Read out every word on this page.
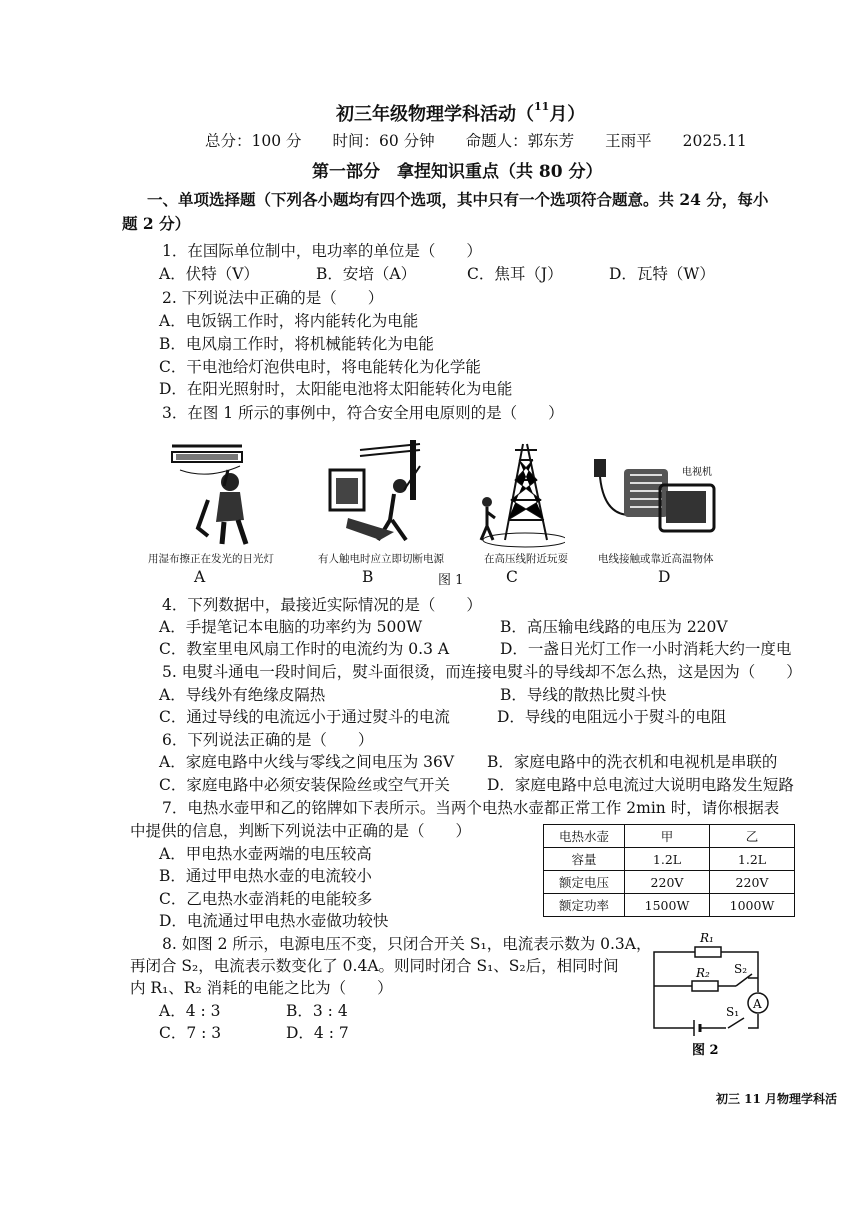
初三年级物理学科活动（$^{11}$月）
总分：100 分　　时间：60 分钟　　命题人：郭东芳　　王雨平　　2025.11
第一部分　拿捏知识重点（共 80 分）
一、单项选择题（下列各小题均有四个选项，其中只有一个选项符合题意。共 24 分，每小
题 2 分）
1．在国际单位制中，电功率的单位是（　　）
A．伏特（V）	B．安培（A）	C．焦耳（J）	D．瓦特（W）
2. 下列说法中正确的是（　　）
A．电饭锅工作时，将内能转化为电能
B．电风扇工作时，将机械能转化为电能
C．干电池给灯泡供电时，将电能转化为化学能
D．在阳光照射时，太阳能电池将太阳能转化为电能
3．在图 1 所示的事例中，符合安全用电原则的是（　　）
电视机
用湿布擦正在发光的日光灯	有人触电时应立即切断电源	在高压线附近玩耍	电线接触或靠近高温物体
A	B	图 1	C	D
4．下列数据中，最接近实际情况的是（　　）
A．手提笔记本电脑的功率约为 500W	B．高压输电线路的电压为 220V
C．教室里电风扇工作时的电流约为 0.3 A	D．一盏日光灯工作一小时消耗大约一度电
5. 电熨斗通电一段时间后，熨斗面很烫，而连接电熨斗的导线却不怎么热，这是因为（　　）
A．导线外有绝缘皮隔热	B．导线的散热比熨斗快
C．通过导线的电流远小于通过熨斗的电流	D．导线的电阻远小于熨斗的电阻
6．下列说法正确的是（　　）
A．家庭电路中火线与零线之间电压为 36V B．家庭电路中的洗衣机和电视机是串联的
C．家庭电路中必须安装保险丝或空气开关 D．家庭电路中总电流过大说明电路发生短路
7．电热水壶甲和乙的铭牌如下表所示。当两个电热水壶都正常工作 2min 时，请你根据表
中提供的信息，判断下列说法中正确的是（　　）
A．甲电热水壶两端的电压较高
B．通过甲电热水壶的电流较小
C．乙电热水壶消耗的电能较多
D．电流通过甲电热水壶做功较快
电热水壶	甲	乙
容量	1.2L	1.2L
额定电压	220V	220V
额定功率	1500W	1000W
8. 如图 2 所示，电源电压不变，只闭合开关 S₁，电流表示数为 0.3A，
再闭合 S₂，电流表示数变化了 0.4A。则同时闭合 S₁、S₂后，相同时间
内 R₁、R₂ 消耗的电能之比为（　　）
A．4 : 3	B．3 : 4
C．7 : 3	D．4 : 7
R₁
R₂ S₂
A
S₁
图 2
初三 11 月物理学科活
